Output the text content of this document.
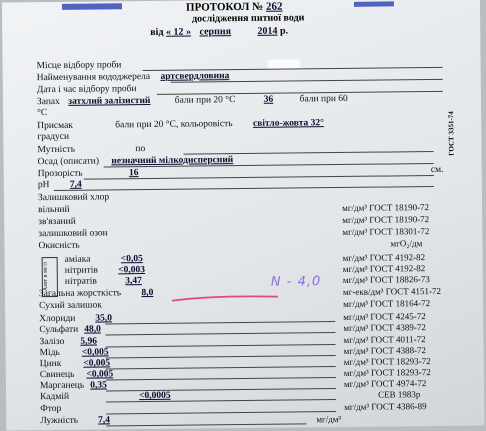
ПРОТОКОЛ № 262
дослідження питної води
від « 12 » серпня	2014 р.
ГОСТ 3351-74
Місце відбору проби
Найменування вододжерела артсвердловина
Дата і час відбору проби
Запах затхлий залізистий	бали при 20 °С	36	бали при 60
°С
Присмак	бали при 20 °С, кольоровість світло-жовта 32°
градуси
Мутність	по
Осад (описати) незначний мілкодисперсний
Прозорість	16	см.
pH 7,4
Залишковий хлор
вільний	мг/дм³ ГОСТ 18190-72
зв'язаний	мг/дм³ ГОСТ 18190-72
залишковий озон	мг/дм³ ГОСТ 18301-72
Окисність	мгО₂/дм
Азот в мг/л
аміака	<0,05	мг/дм³ ГОСТ 4192-82
нітритів <0,003	мг/дм³ ГОСТ 4192-82
нітратів	3,47	мг/дм³ ГОСТ 18826-73
Загальна жорсткість 8,0	мг-екв/дм³ ГОСТ 4151-72
N - 4,0
Сухий залишок	мг/дм³ ГОСТ 18164-72
Хлориди 35,0	мг/дм³ ГОСТ 4245-72
Сульфати 48,0	мг/дм³ ГОСТ 4389-72
Залізо 5,96	мг/дм³ ГОСТ 4011-72
Мідь <0,005	мг/дм³ ГОСТ 4388-72
Цинк <0,005	мг/дм³ ГОСТ 18293-72
Свинець <0,005	мг/дм³ ГОСТ 18293-72
Марганець 0,35	мг/дм³ ГОСТ 4974-72
Кадмій	<0,0005	СЕВ 1983р
Фтор	мг/дм³ ГОСТ 4386-89
Лужність 7,4	мг/дм³
